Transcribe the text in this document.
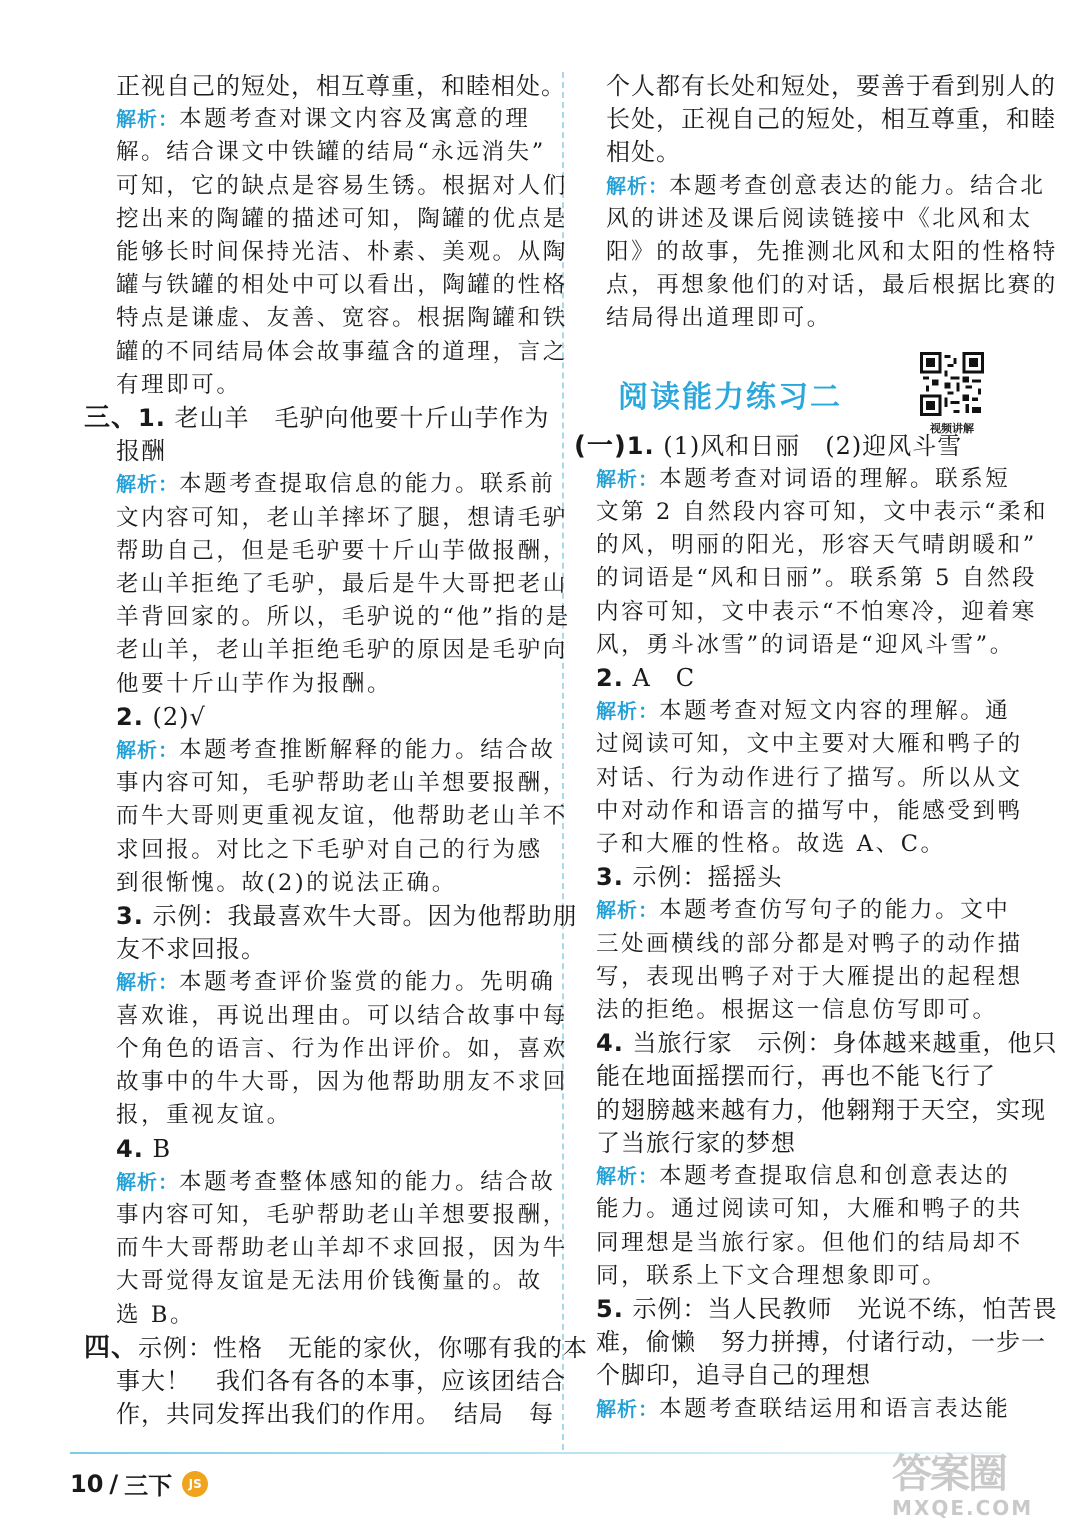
正视自己的短处，相互尊重，和睦相处。
解析：本题考查对课文内容及寓意的理
解。结合课文中铁罐的结局“永远消失”
可知，它的缺点是容易生锈。根据对人们
挖出来的陶罐的描述可知，陶罐的优点是
能够长时间保持光洁、朴素、美观。从陶
罐与铁罐的相处中可以看出，陶罐的性格
特点是谦虚、友善、宽容。根据陶罐和铁
罐的不同结局体会故事蕴含的道理，言之
有理即可。
三、1. 老山羊　毛驴向他要十斤山芋作为
报酬
解析：本题考查提取信息的能力。联系前
文内容可知，老山羊摔坏了腿，想请毛驴
帮助自己，但是毛驴要十斤山芋做报酬，
老山羊拒绝了毛驴，最后是牛大哥把老山
羊背回家的。所以，毛驴说的“他”指的是
老山羊，老山羊拒绝毛驴的原因是毛驴向
他要十斤山芋作为报酬。
2. (2)√
解析：本题考查推断解释的能力。结合故
事内容可知，毛驴帮助老山羊想要报酬，
而牛大哥则更重视友谊，他帮助老山羊不
求回报。对比之下毛驴对自己的行为感
到很惭愧。故(2)的说法正确。
3. 示例：我最喜欢牛大哥。因为他帮助朋
友不求回报。
解析：本题考查评价鉴赏的能力。先明确
喜欢谁，再说出理由。可以结合故事中每
个角色的语言、行为作出评价。如，喜欢
故事中的牛大哥，因为他帮助朋友不求回
报，重视友谊。
4. B
解析：本题考查整体感知的能力。结合故
事内容可知，毛驴帮助老山羊想要报酬，
而牛大哥帮助老山羊却不求回报，因为牛
大哥觉得友谊是无法用价钱衡量的。故
选 B。
四、示例：性格　无能的家伙，你哪有我的本
事大！　我们各有各的本事，应该团结合
作，共同发挥出我们的作用。　结局　每
个人都有长处和短处，要善于看到别人的
长处，正视自己的短处，相互尊重，和睦
相处。
解析：本题考查创意表达的能力。结合北
风的讲述及课后阅读链接中《北风和太
阳》的故事，先推测北风和太阳的性格特
点，再想象他们的对话，最后根据比赛的
结局得出道理即可。
阅读能力练习二
视频讲解
(一)1. (1)风和日丽　(2)迎风斗雪
解析：本题考查对词语的理解。联系短
文第 2 自然段内容可知，文中表示“柔和
的风，明丽的阳光，形容天气晴朗暖和”
的词语是“风和日丽”。联系第 5 自然段
内容可知，文中表示“不怕寒冷，迎着寒
风，勇斗冰雪”的词语是“迎风斗雪”。
2. A　C
解析：本题考查对短文内容的理解。通
过阅读可知，文中主要对大雁和鸭子的
对话、行为动作进行了描写。所以从文
中对动作和语言的描写中，能感受到鸭
子和大雁的性格。故选 A、C。
3. 示例：摇摇头
解析：本题考查仿写句子的能力。文中
三处画横线的部分都是对鸭子的动作描
写，表现出鸭子对于大雁提出的起程想
法的拒绝。根据这一信息仿写即可。
4. 当旅行家　示例：身体越来越重，他只
能在地面摇摆而行，再也不能飞行了
的翅膀越来越有力，他翱翔于天空，实现
了当旅行家的梦想
解析：本题考查提取信息和创意表达的
能力。通过阅读可知，大雁和鸭子的共
同理想是当旅行家。但他们的结局却不
同，联系上下文合理想象即可。
5. 示例：当人民教师　光说不练，怕苦畏
难，偷懒　努力拼搏，付诸行动，一步一
个脚印，追寻自己的理想
解析：本题考查联结运用和语言表达能
10 / 三下	JS	答案圈
MXQE.COM
